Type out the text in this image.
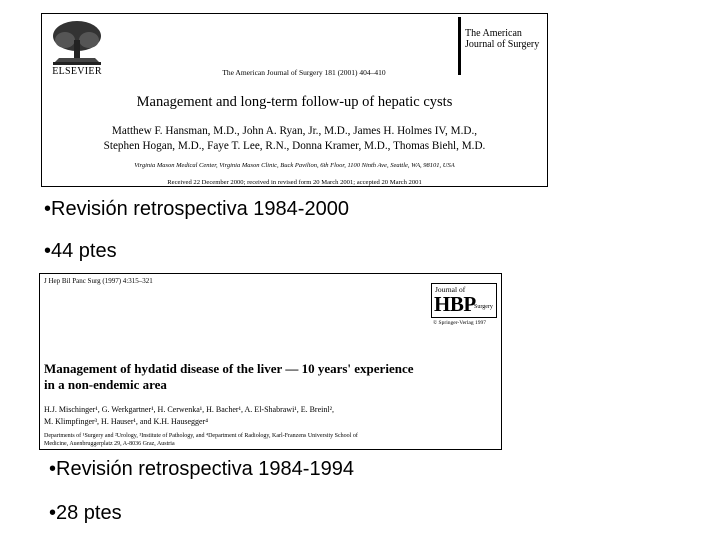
ELSEVIER	The American Journal of Surgery 181 (2001) 404–410
The American
Journal of Surgery
Management and long-term follow-up of hepatic cysts
Matthew F. Hansman, M.D., John A. Ryan, Jr., M.D., James H. Holmes IV, M.D.,
Stephen Hogan, M.D., Faye T. Lee, R.N., Donna Kramer, M.D., Thomas Biehl, M.D.
Virginia Mason Medical Center, Virginia Mason Clinic, Buck Pavilion, 6th Floor, 1100 Ninth Ave, Seattle, WA, 98101, USA
Received 22 December 2000; received in revised form 20 March 2001; accepted 20 March 2001
•Revisión retrospectiva 1984-2000
•44 ptes
J Hep Bil Panc Surg (1997) 4:315–321
Journal of
HBP
Surgery
© Springer-Verlag 1997
Management of hydatid disease of the liver — 10 years' experience
in a non-endemic area
H.J. Mischinger¹, G. Werkgartner¹, H. Cerwenka¹, H. Bacher¹, A. El-Shabrawi¹, E. Breinl²,
M. Klimpfinger³, H. Hauser¹, and K.H. Hausegger⁴
Departments of ¹Surgery and ²Urology, ³Institute of Pathology, and ⁴Department of Radiology, Karl-Franzens University School of
Medicine, Auenbruggerplatz 29, A-8036 Graz, Austria
•Revisión retrospectiva 1984-1994
•28 ptes
